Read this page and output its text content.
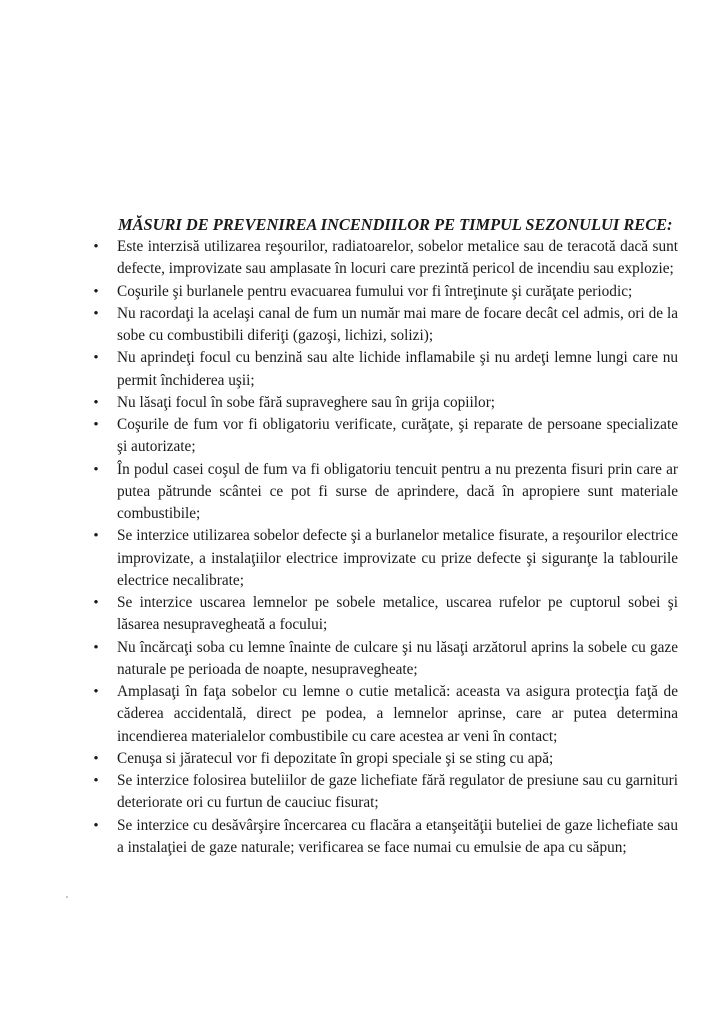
MĂSURI DE PREVENIREA INCENDIILOR PE TIMPUL SEZONULUI RECE:
• Este interzisă utilizarea reşourilor, radiatoarelor, sobelor metalice sau de teracotă dacă sunt defecte, improvizate sau amplasate în locuri care prezintă pericol de incendiu sau explozie;
• Coşurile şi burlanele pentru evacuarea fumului vor fi întreţinute şi curăţate periodic;
• Nu racordaţi la acelaşi canal de fum un număr mai mare de focare decât cel admis, ori de la sobe cu combustibili diferiţi (gazoşi, lichizi, solizi);
• Nu aprindeţi focul cu benzină sau alte lichide inflamabile şi nu ardeţi lemne lungi care nu permit închiderea uşii;
• Nu lăsaţi focul în sobe fără supraveghere sau în grija copiilor;
• Coşurile de fum vor fi obligatoriu verificate, curăţate, şi reparate de persoane specializate şi autorizate;
• În podul casei coşul de fum va fi obligatoriu tencuit pentru a nu prezenta fisuri prin care ar putea pătrunde scântei ce pot fi surse de aprindere, dacă în apropiere sunt materiale combustibile;
• Se interzice utilizarea sobelor defecte şi a burlanelor metalice fisurate, a reşourilor electrice improvizate, a instalaţiilor electrice improvizate cu prize defecte şi siguranţe la tablourile electrice necalibrate;
• Se interzice uscarea lemnelor pe sobele metalice, uscarea rufelor pe cuptorul sobei şi lăsarea nesupravegheată a focului;
• Nu încărcaţi soba cu lemne înainte de culcare şi nu lăsaţi arzătorul aprins la sobele cu gaze naturale pe perioada de noapte, nesupravegheate;
• Amplasaţi în faţa sobelor cu lemne o cutie metalică: aceasta va asigura protecţia faţă de căderea accidentală, direct pe podea, a lemnelor aprinse, care ar putea determina incendierea materialelor combustibile cu care acestea ar veni în contact;
• Cenuşa si jăratecul vor fi depozitate în gropi speciale şi se sting cu apă;
• Se interzice folosirea buteliilor de gaze lichefiate fără regulator de presiune sau cu garnituri deteriorate ori cu furtun de cauciuc fisurat;
• Se interzice cu desăvârşire încercarea cu flacăra a etanşeităţii buteliei de gaze lichefiate sau a instalaţiei de gaze naturale; verificarea se face numai cu emulsie de apa cu săpun;
